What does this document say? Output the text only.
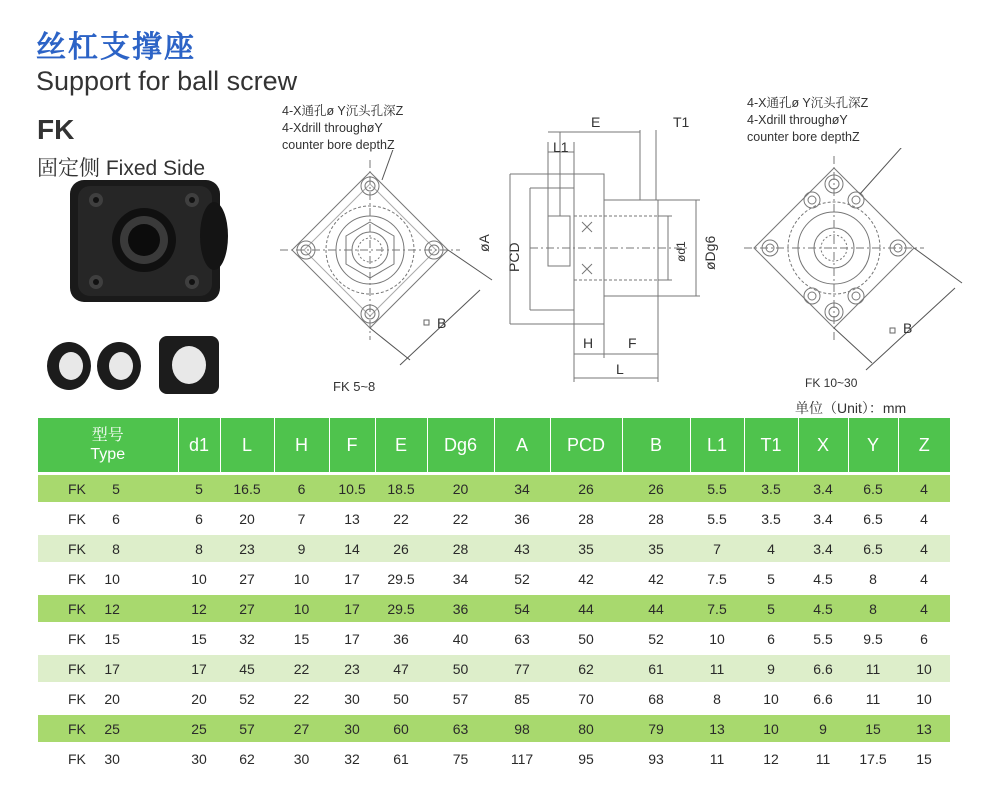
丝杠支撑座
Support for ball screw
FK
固定侧 Fixed Side
4-X通孔ø Y沉头孔深Z
4-Xdrill throughøY
counter bore depthZ
4-X通孔ø Y沉头孔深Z
4-Xdrill throughøY
counter bore depthZ
B
FK 5~8
E	T1
L1
øA PCD	ød1 øDg6
H F
L
B
FK 10~30
单位（Unit）：mm
型号
Type	d1	L	H	F	E	Dg6	A	PCD	B	L1	T1	X	Y	Z
FK 5	5	16.5	6	10.5	18.5	20	34	26	26	5.5	3.5	3.4	6.5	4
FK 6	6	20	7	13	22	22	36	28	28	5.5	3.5	3.4	6.5	4
FK 8	8	23	9	14	26	28	43	35	35	7	4	3.4	6.5	4
FK 10	10	27	10	17	29.5	34	52	42	42	7.5	5	4.5	8	4
FK 12	12	27	10	17	29.5	36	54	44	44	7.5	5	4.5	8	4
FK 15	15	32	15	17	36	40	63	50	52	10	6	5.5	9.5	6
FK 17	17	45	22	23	47	50	77	62	61	11	9	6.6	11	10
FK 20	20	52	22	30	50	57	85	70	68	8	10	6.6	11	10
FK 25	25	57	27	30	60	63	98	80	79	13	10	9	15	13
FK 30	30	62	30	32	61	75	117	95	93	11	12	11	17.5	15
